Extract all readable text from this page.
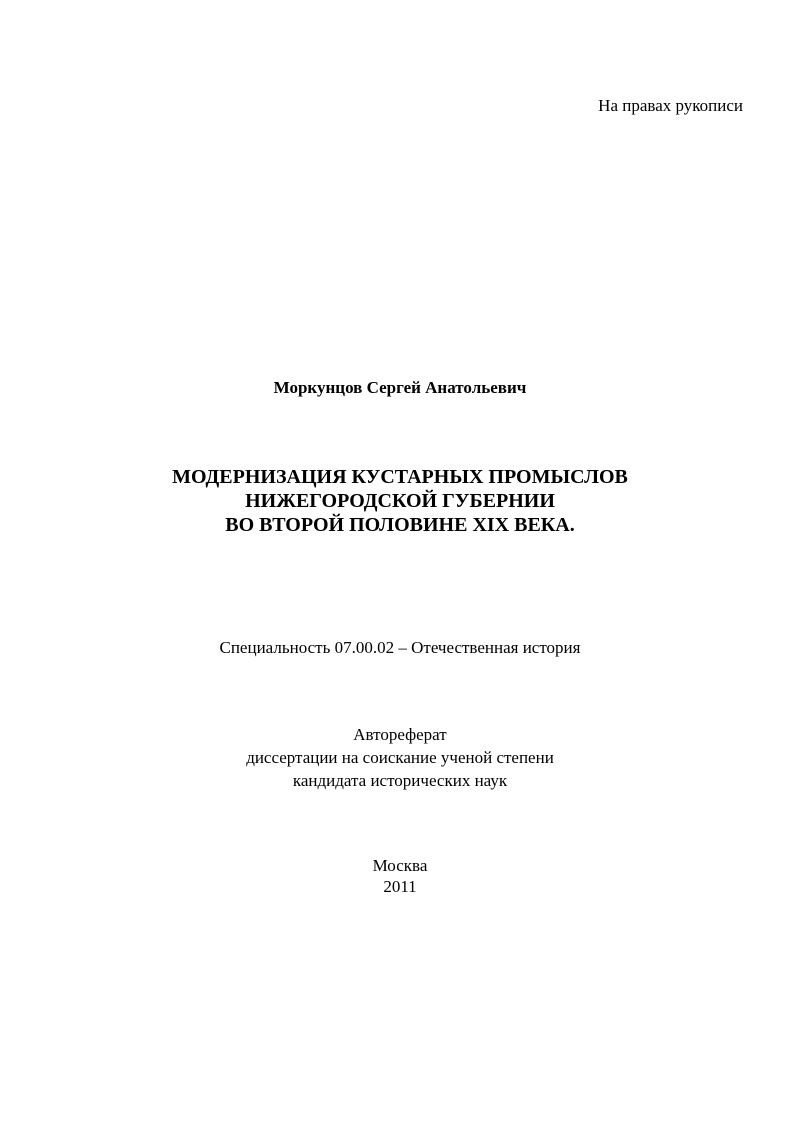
На правах рукописи
Моркунцов Сергей Анатольевич
МОДЕРНИЗАЦИЯ КУСТАРНЫХ ПРОМЫСЛОВ
НИЖЕГОРОДСКОЙ ГУБЕРНИИ
ВО ВТОРОЙ ПОЛОВИНЕ XIX ВЕКА.
Специальность 07.00.02 – Отечественная история
Автореферат
диссертации на соискание ученой степени
кандидата исторических наук
Москва
2011
